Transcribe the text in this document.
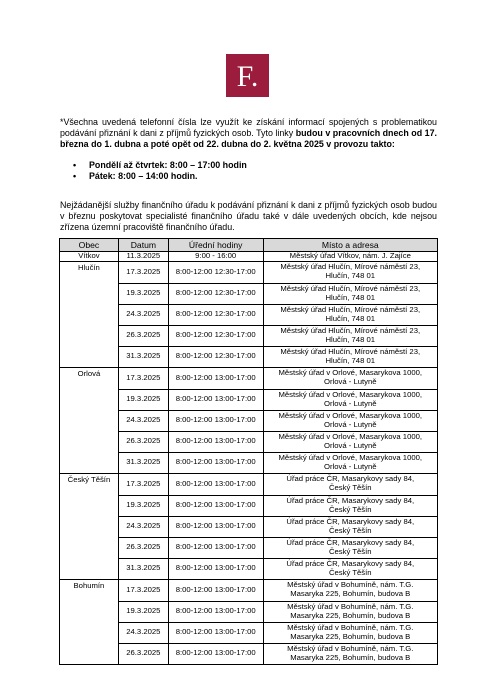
F.
*Všechna uvedená telefonní čísla lze využít ke získání informací spojených s problematikou podávání přiznání k dani z příjmů fyzických osob. Tyto linky budou v pracovních dnech od 17. března do 1. dubna a poté opět od 22. dubna do 2. května 2025 v provozu takto:
• Pondělí až čtvrtek: 8:00 – 17:00 hodin
• Pátek: 8:00 – 14:00 hodin.
Nejžádanější služby finančního úřadu k podávání přiznání k dani z příjmů fyzických osob budou v březnu poskytovat specialisté finančního úřadu také v dále uvedených obcích, kde nejsou zřízena územní pracoviště finančního úřadu.
Obec	Datum	Úřední hodiny	Místo a adresa
Vítkov	11.3.2025	9:00 - 16:00	Městský úřad Vítkov, nám. J. Zajíce

Hlučín	17.3.2025	8:00-12:00 12:30-17:00	Městský úřad Hlučín, Mírové náměstí 23,
Hlučín, 748 01

	19.3.2025	8:00-12:00 12:30-17:00	Městský úřad Hlučín, Mírové náměstí 23,
Hlučín, 748 01

	24.3.2025	8:00-12:00 12:30-17:00	Městský úřad Hlučín, Mírové náměstí 23,
Hlučín, 748 01

	26.3.2025	8:00-12:00 12:30-17:00	Městský úřad Hlučín, Mírové náměstí 23,
Hlučín, 748 01

	31.3.2025	8:00-12:00 12:30-17:00	Městský úřad Hlučín, Mírové náměstí 23,
Hlučín, 748 01

Orlová	17.3.2025	8:00-12:00 13:00-17:00	Městský úřad v Orlové, Masarykova 1000,
Orlová - Lutyně

	19.3.2025	8:00-12:00 13:00-17:00	Městský úřad v Orlové, Masarykova 1000,
Orlová - Lutyně

	24.3.2025	8:00-12:00 13:00-17:00	Městský úřad v Orlové, Masarykova 1000,
Orlová - Lutyně

	26.3.2025	8:00-12:00 13:00-17:00	Městský úřad v Orlové, Masarykova 1000,
Orlová - Lutyně

	31.3.2025	8:00-12:00 13:00-17:00	Městský úřad v Orlové, Masarykova 1000,
Orlová - Lutyně

Český Těšín	17.3.2025	8:00-12:00 13:00-17:00	Úřad práce ČR, Masarykovy sady 84,
Český Těšín

	19.3.2025	8:00-12:00 13:00-17:00	Úřad práce ČR, Masarykovy sady 84,
Český Těšín

	24.3.2025	8:00-12:00 13:00-17:00	Úřad práce ČR, Masarykovy sady 84,
Český Těšín

	26.3.2025	8:00-12:00 13:00-17:00	Úřad práce ČR, Masarykovy sady 84,
Český Těšín

	31.3.2025	8:00-12:00 13:00-17:00	Úřad práce ČR, Masarykovy sady 84,
Český Těšín

Bohumín	17.3.2025	8:00-12:00 13:00-17:00	Městský úřad v Bohumíně, nám. T.G.
Masaryka 225, Bohumín, budova B

	19.3.2025	8:00-12:00 13:00-17:00	Městský úřad v Bohumíně, nám. T.G.
Masaryka 225, Bohumín, budova B

	24.3.2025	8:00-12:00 13:00-17:00	Městský úřad v Bohumíně, nám. T.G.
Masaryka 225, Bohumín, budova B

	26.3.2025	8:00-12:00 13:00-17:00	Městský úřad v Bohumíně, nám. T.G.
Masaryka 225, Bohumín, budova B
